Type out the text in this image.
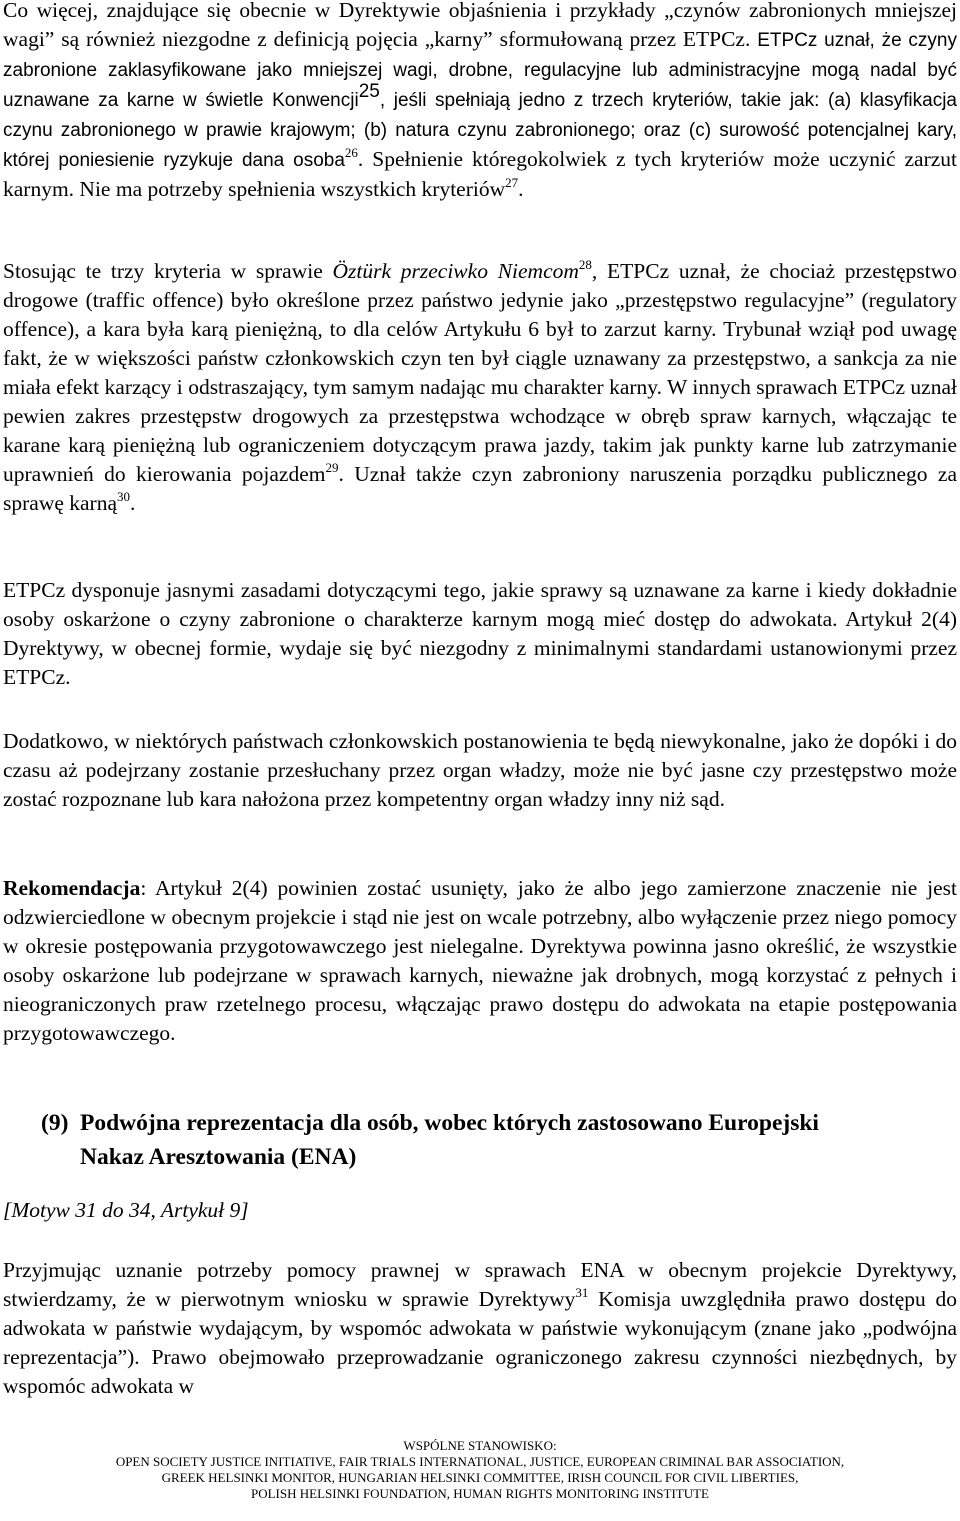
Co więcej, znajdujące się obecnie w Dyrektywie objaśnienia i przykłady „czynów zabronionych mniejszej wagi” są również niezgodne z definicją pojęcia „karny” sformułowaną przez ETPCz. ETPCz uznał, że czyny zabronione zaklasyfikowane jako mniejszej wagi, drobne, regulacyjne lub administracyjne mogą nadal być uznawane za karne w świetle Konwencji$^{25}$, jeśli spełniają jedno z trzech kryteriów, takie jak: (a) klasyfikacja czynu zabronionego w prawie krajowym; (b) natura czynu zabronionego; oraz (c) surowość potencjalnej kary, której poniesienie ryzykuje dana osoba$^{26}$. Spełnienie któregokolwiek z tych kryteriów może uczynić zarzut karnym. Nie ma potrzeby spełnienia wszystkich kryteriów$^{27}$.

Stosując te trzy kryteria w sprawie Öztürk przeciwko Niemcom$^{28}$, ETPCz uznał, że chociaż przestępstwo drogowe (traffic offence) było określone przez państwo jedynie jako „przestępstwo regulacyjne” (regulatory offence), a kara była karą pieniężną, to dla celów Artykułu 6 był to zarzut karny. Trybunał wziął pod uwagę fakt, że w większości państw członkowskich czyn ten był ciągle uznawany za przestępstwo, a sankcja za nie miała efekt karzący i odstraszający, tym samym nadając mu charakter karny. W innych sprawach ETPCz uznał pewien zakres przestępstw drogowych za przestępstwa wchodzące w obręb spraw karnych, włączając te karane karą pieniężną lub ograniczeniem dotyczącym prawa jazdy, takim jak punkty karne lub zatrzymanie uprawnień do kierowania pojazdem$^{29}$. Uznał także czyn zabroniony naruszenia porządku publicznego za sprawę karną$^{30}$.

ETPCz dysponuje jasnymi zasadami dotyczącymi tego, jakie sprawy są uznawane za karne i kiedy dokładnie osoby oskarżone o czyny zabronione o charakterze karnym mogą mieć dostęp do adwokata. Artykuł 2(4) Dyrektywy, w obecnej formie, wydaje się być niezgodny z minimalnymi standardami ustanowionymi przez ETPCz.

Dodatkowo, w niektórych państwach członkowskich postanowienia te będą niewykonalne, jako że dopóki i do czasu aż podejrzany zostanie przesłuchany przez organ władzy, może nie być jasne czy przestępstwo może zostać rozpoznane lub kara nałożona przez kompetentny organ władzy inny niż sąd.

Rekomendacja: Artykuł 2(4) powinien zostać usunięty, jako że albo jego zamierzone znaczenie nie jest odzwierciedlone w obecnym projekcie i stąd nie jest on wcale potrzebny, albo wyłączenie przez niego pomocy w okresie postępowania przygotowawczego jest nielegalne. Dyrektywa powinna jasno określić, że wszystkie osoby oskarżone lub podejrzane w sprawach karnych, nieważne jak drobnych, mogą korzystać z pełnych i nieograniczonych praw rzetelnego procesu, włączając prawo dostępu do adwokata na etapie postępowania przygotowawczego.

(9) Podwójna reprezentacja dla osób, wobec których zastosowano Europejski
Nakaz Aresztowania (ENA)
[Motyw 31 do 34, Artykuł 9]

Przyjmując uznanie potrzeby pomocy prawnej w sprawach ENA w obecnym projekcie Dyrektywy, stwierdzamy, że w pierwotnym wniosku w sprawie Dyrektywy$^{31}$ Komisja uwzględniła prawo dostępu do adwokata w państwie wydającym, by wspomóc adwokata w państwie wykonującym (znane jako „podwójna reprezentacja”). Prawo obejmowało przeprowadzanie ograniczonego zakresu czynności niezbędnych, by wspomóc adwokata w

WSPÓLNE STANOWISKO:
OPEN SOCIETY JUSTICE INITIATIVE, FAIR TRIALS INTERNATIONAL, JUSTICE, EUROPEAN CRIMINAL BAR ASSOCIATION,
GREEK HELSINKI MONITOR, HUNGARIAN HELSINKI COMMITTEE, IRISH COUNCIL FOR CIVIL LIBERTIES,
POLISH HELSINKI FOUNDATION, HUMAN RIGHTS MONITORING INSTITUTE
